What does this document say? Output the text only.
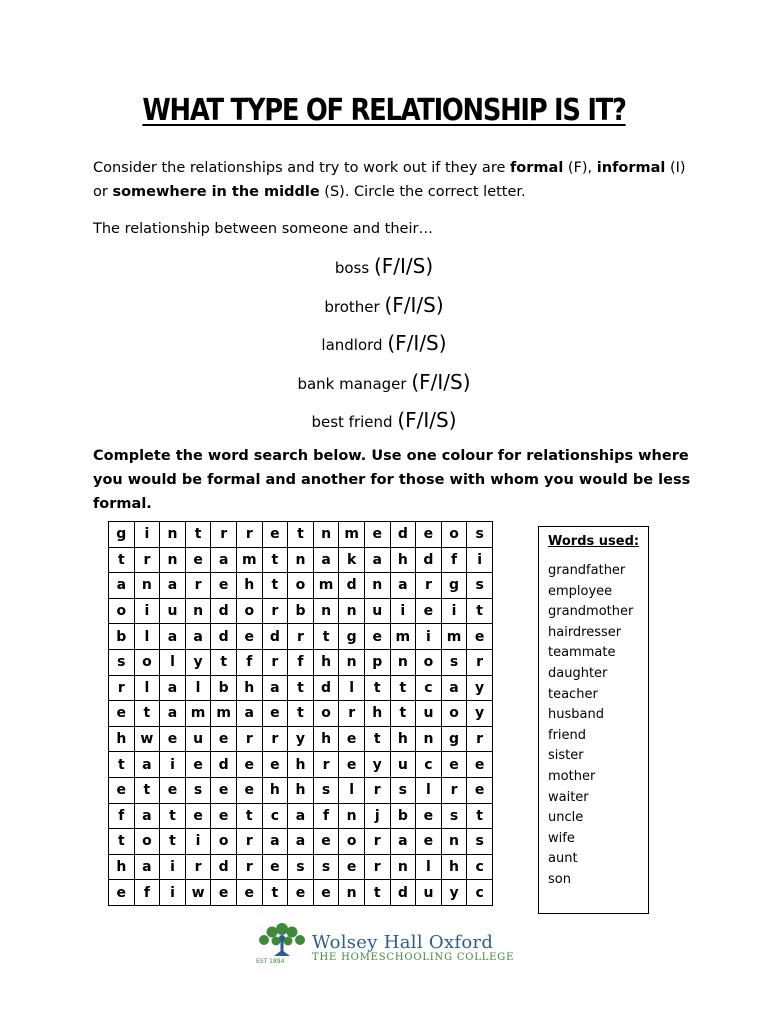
WHAT TYPE OF RELATIONSHIP IS IT?
Consider the relationships and try to work out if they are formal (F), informal (I) or somewhere in the middle (S). Circle the correct letter.
The relationship between someone and their…
boss (F/I/S)
brother (F/I/S)
landlord (F/I/S)
bank manager (F/I/S)
best friend (F/I/S)
Complete the word search below. Use one colour for relationships where you would be formal and another for those with whom you would be less formal.
g	i	n	t	r	r	e	t	n	m	e	d	e	o	s
t	r	n	e	a	m	t	n	a	k	a	h	d	f	i
a	n	a	r	e	h	t	o	m	d	n	a	r	g	s
o	i	u	n	d	o	r	b	n	n	u	i	e	i	t
b	l	a	a	d	e	d	r	t	g	e	m	i	m	e
s	o	l	y	t	f	r	f	h	n	p	n	o	s	r
r	l	a	l	b	h	a	t	d	l	t	t	c	a	y
e	t	a	m	m	a	e	t	o	r	h	t	u	o	y
h	w	e	u	e	r	r	y	h	e	t	h	n	g	r
t	a	i	e	d	e	e	h	r	e	y	u	c	e	e
e	t	e	s	e	e	h	h	s	l	r	s	l	r	e
f	a	t	e	e	t	c	a	f	n	j	b	e	s	t
t	o	t	i	o	r	a	a	e	o	r	a	e	n	s
h	a	i	r	d	r	e	s	s	e	r	n	l	h	c
e	f	i	w	e	e	t	e	e	n	t	d	u	y	c
Words used:
grandfather
employee
grandmother
hairdresser
teammate
daughter
teacher
husband
friend
sister
mother
waiter
uncle
wife
aunt
son
EST 1894
Wolsey Hall Oxford
THE HOMESCHOOLING COLLEGE
